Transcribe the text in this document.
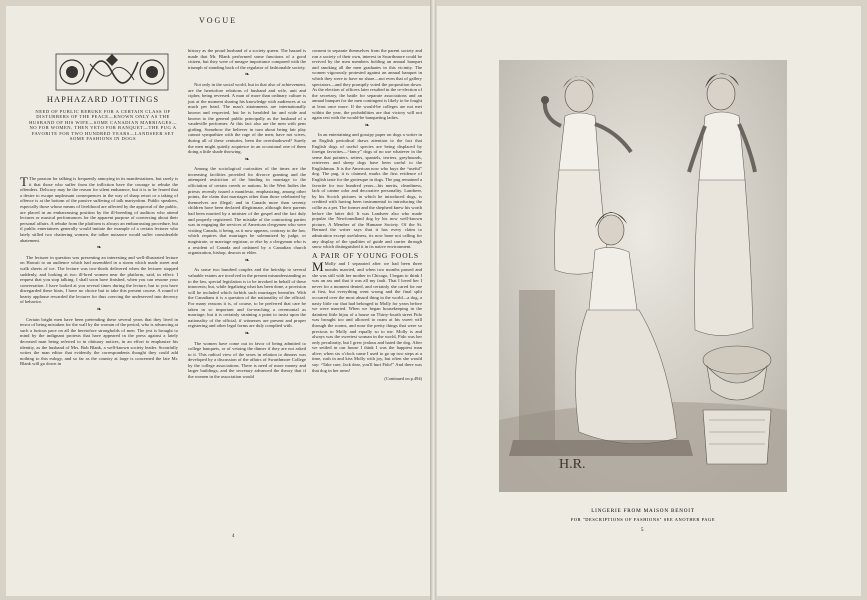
VOGUE
HAPHAZARD JOTTINGS
NEED OF PUBLIC REBUKE FOR A CERTAIN CLASS OF DISTURBERS OF THE PEACE—KNOWN ONLY AS THE HUSBAND OF HIS WIFE—SOME CANADIAN MARRIAGES—NO FOR WOMEN, THEN VETO FOR BANQUET—THE PUG A FAVORITE FOR TWO HUNDRED YEARS—LANDSEER SET SOME FASHIONS IN DOGS

T The passion for talking is frequently annoying in its manifestations, but rarely is it that those who suffer from the infliction have the courage to rebuke the offenders. Delicacy may be the reason for silent endurance, but it is to be feared that a desire to escape unpleasant consequences in the way of sharp retort or a taking of offence is at the bottom of the passive suffering of talk martyrdom. Public speakers, especially those whose means of livelihood are affected by the approval of the public, are placed in an embarrassing position by the ill-breeding of auditors who attend lectures or musical performances for the apparent purpose of conversing about their personal affairs. A rebuke from the platform is always an embarrassing procedure, but if public entertainers generally would imitate the example of a certain lecturer who lately stilled two chattering women, the talker nuisance would suffer considerable abatement.

❧

The lecturer in question was presenting an interesting and well-illustrated lecture on Hawaii to an audience which had assembled in a storm which made street and walk sheets of ice. The lecture was two-thirds delivered when the lecturer stopped suddenly, and looking at two ill-bred women near the platform, said, in effect: I request that you stop talking. I shall soon have finished, when you can resume your conversation. I have looked at you several times during the lecture, but to you have disregarded these hints, I have no choice but to take this present course. A round of hearty applause rewarded the lecturer for thus coercing the undeserved into decency of behavior.

❧

Certain bright men have been pretending these several years that they lived in terror of being mistaken for the wall by the woman of the period, who is advancing at such a furious pace on all the heretofore strongholds of men. The jest is brought to mind by the indignant protests that have appeared in the press against a lately deceased man being referred to in obituary notices, in an effort to emphasize his identity, as the husband of Mrs. Bob Blank, a well-known society leader. Scornfully writes the man editor that evidently the correspondents thought they could add nothing to this eulogy, and so far as the country at large is concerned the late Mr. Blank will go down in

history as the proud husband of a society queen. The hazard is made that Mr. Blank performed some functions of a good citizen, but they were of meagre importance compared with the triumph of standing back of the regulator of fashionable society.

❧

Not only in the social world, but in that also of achievement, are the heretofore relations of husband and wife, unit and cipher, being reversed. A man of more than ordinary culture is just at the moment sharing his knowledge with audiences at so much per head. The man's attainments are internationally known and respected, but he is heralded far and wide and known to the general public principally as the husband of a vaudeville performer. At this fact also are the men with pens girding. Somehow the believer in turn about being fair play cannot sympathize with the rage of the men; have not wives, during all of these centuries, been the overshadowed? Surely the men might quietly acquiesce in an occasional one of them doing a little shade throwing.

❧

Among the sociological curiosities of the times are the increasing facilities provided for divorce granting and the attempted restriction of the binding in marriage to the officiation of certain creeds or nations. In the West Indies the priests recently issued a manifesto, emphasizing, among other points, the claim that marriages other than those celebrated by themselves are illegal; and in Canada more than seventy children have been declared illegitimate, although their parents had been married by a minister of the gospel and the fact duly and properly registered. The mistake of the contracting parties was in engaging the services of American clergymen who were visiting Canada, it being, as it now appears, contrary to the law, which requires that marriages be solemnized by judge, or magistrate, or marriage registrar, or else by a clergyman who is a resident of Canada and ordained by a Canadian church organization, bishop, deacon or elder.

❧

As some two hundred couples and the heirship to several valuable estates are involved in the present misunderstanding as to the law, special legislation is to be invoked in behalf of these innocents; but, while legalizing what has been done, a provision will be included which forbids such marriages hereafter. With the Canadians it is a question of the nationality of the official. For many reasons it is, of course, to be preferred that care be taken in so important and far-reaching a ceremonial as marriage; but it is certainly straining a point to insist upon the nationality of the official, if witnesses are present and proper registering and other legal forms are duly complied with.

❧

The women have come out in favor of being admitted to college banquets, or of vetoing the dinner if they are not asked to it. This radical view of the sexes in relation to dinners was developed by a discussion of the affairs of Swarthmore College by the college associations. There is need of more money and larger buildings, and the secretary advanced the theory that if the women in the association would

consent to separate themselves from the parent society and run a society of their own, interest in Swarthmore could be revived by the men members holding an annual banquet and smoking all the men graduates in this vicinity. The women vigorously protested against an annual banquet in which they were to have no share—not even that of gallery spectators—and they promptly voted the proposition down. As the election of officers later resulted in the re-election of the secretary, the battle for separate associations and an annual banquet for the men contingent is likely to be fought at least once more. If the would-be colleges are not met within the year, the probabilities are that victory will not again rest with the would-be banqueting ladies.

❧

In an entertaining and gossipy paper on dogs a writer in an English periodical draws attention to the fact that English dogs of useful species are being displaced by foreign favorites—“fancy” dogs of no use whatever in the sense that pointers, setters, spaniels, terriers, greyhounds, retrievers and sheep dogs have been useful to the Englishman. It is the American now who buys the “useful” dog. The pug, it is claimed, marks the first evidence of English taste for the grotesque in dogs. The pug remained a favorite for two hundred years—his merits, cleanliness, lack of canine odor and decorative personality. Landseer, by his Scotch pictures in which he introduced dogs, is credited with having been instrumental in introducing the collie as a pet. The former and the shepherd knew his worth before the latter did. It was Landseer also who made popular the Newfoundland dog by his now well-known picture, A Member of the Humane Society. Of the St. Bernard the writer says that it has every claim to admiration except usefulness, its now bone not calling for any display of the qualities of guide and carrier through snow which distinguished it in its native environment.

A PAIR OF YOUNG FOOLS

M Molly and I separated after we had been three months married, and when two months passed and she was still with her mother in Chicago, I began to think I was an ass and that it was all my fault. That I loved her I never for a moment denied, and certainly she cared for me at first, but everything went wrong and the final split occurred over the most absurd thing in the world—a dog, a nasty little cur that had belonged to Molly for years before we were married. When we began housekeeping in the daintiest little bijou of a house on Thirty-fourth street Fido was brought too and allowed to roam at his sweet will through the rooms, and nose the pretty things that were so precious to Molly and equally so to me. Molly is and always was the sweetest woman in the world, Fido was her only peculiarity, but I grew jealous and hated the dog. After we settled in our house I think I was the happiest man alive; when six o'clock came I used to go up two steps at a time, rush in and kiss Molly with joy, but often she would say: “Take care, Jack dear, you'll hurt Fido!” And there was that dog in her arms!

(Continued on p.494)

4
H.R.
LINGERIE FROM MAISON BENOIT
FOR "DESCRIPTIONS OF FASHIONS" SEE ANOTHER PAGE
5
